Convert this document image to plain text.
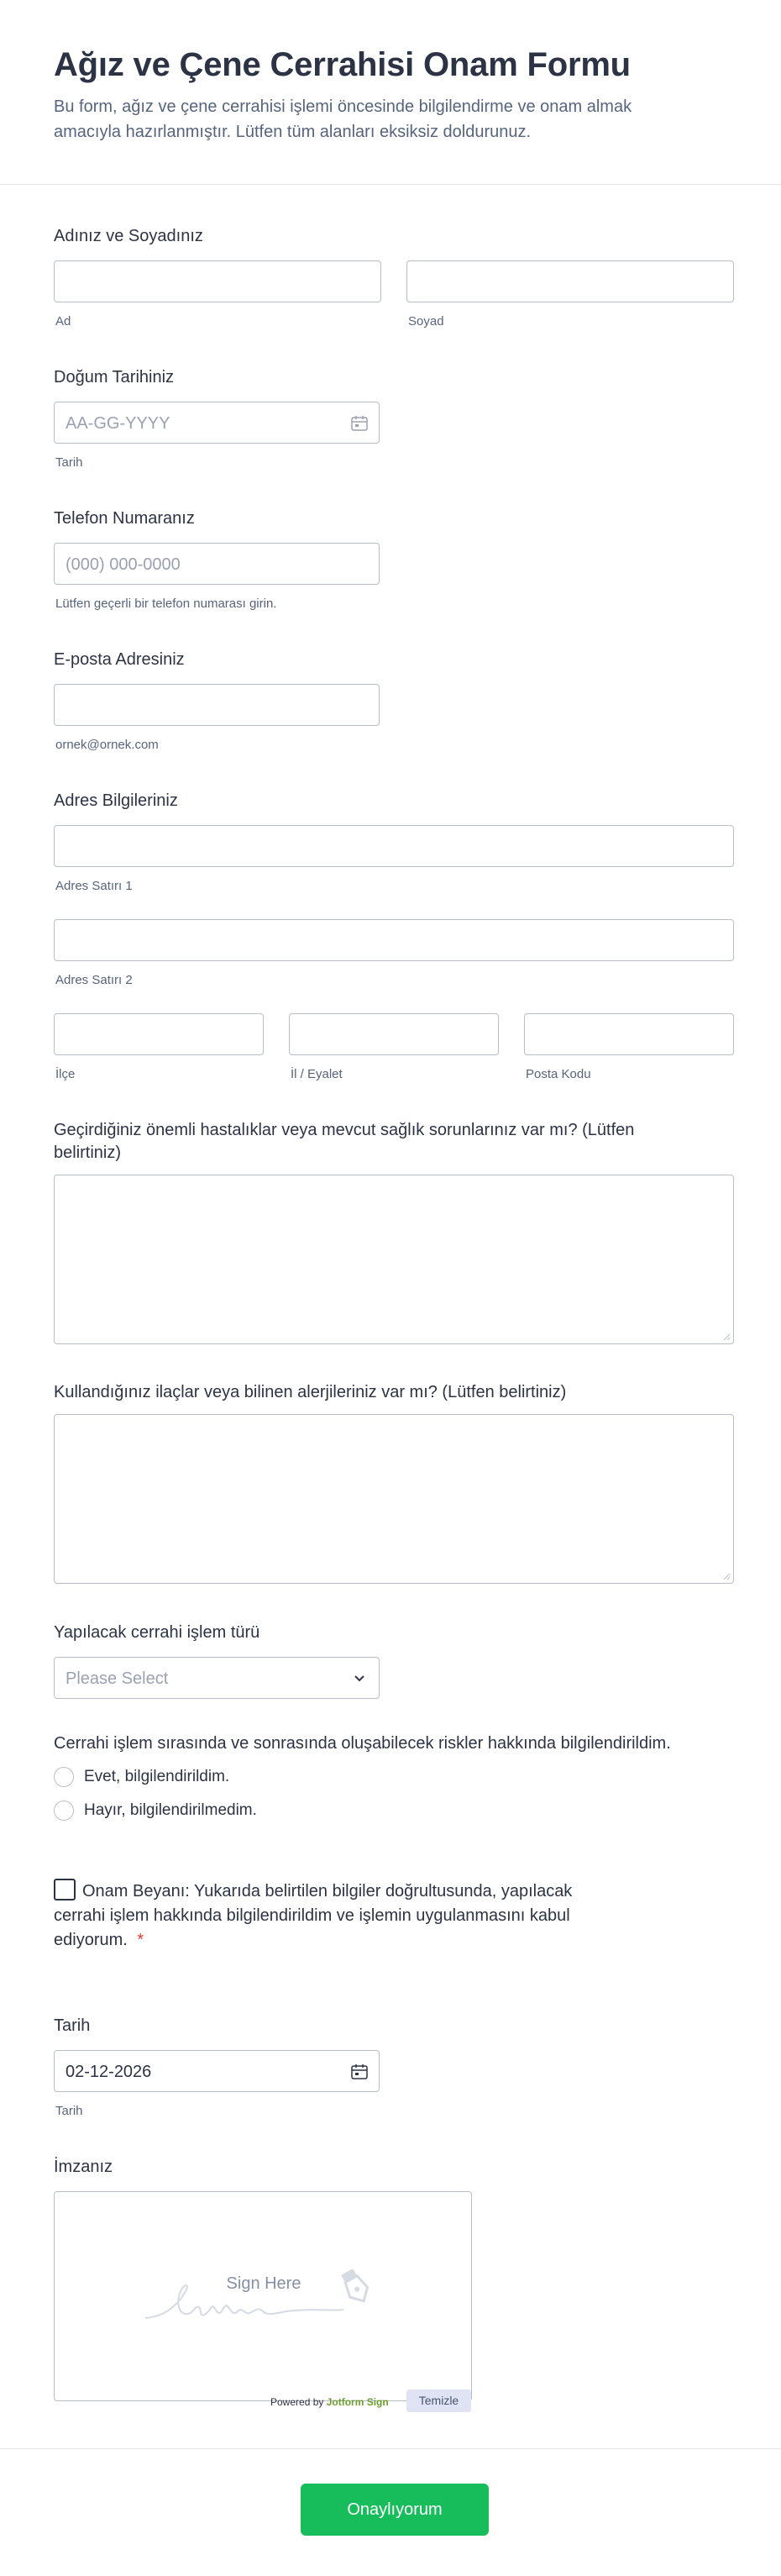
Ağız ve Çene Cerrahisi Onam Formu

Bu form, ağız ve çene cerrahisi işlemi öncesinde bilgilendirme ve onam almak amacıyla hazırlanmıştır. Lütfen tüm alanları eksiksiz doldurunuz.

Adınız ve Soyadınız
Ad	Soyad
Doğum Tarihiniz
AA-GG-YYYY
Tarih
Telefon Numaranız
(000) 000-0000
Lütfen geçerli bir telefon numarası girin.
E-posta Adresiniz
ornek@ornek.com
Adres Bilgileriniz
Adres Satırı 1
Adres Satırı 2
İlçe	İl / Eyalet	Posta Kodu
Geçirdiğiniz önemli hastalıklar veya mevcut sağlık sorunlarınız var mı? (Lütfen belirtiniz)
Kullandığınız ilaçlar veya bilinen alerjileriniz var mı? (Lütfen belirtiniz)
Yapılacak cerrahi işlem türü
Please Select
Cerrahi işlem sırasında ve sonrasında oluşabilecek riskler hakkında bilgilendirildim.
Evet, bilgilendirildim.
Hayır, bilgilendirilmedim.
Onam Beyanı: Yukarıda belirtilen bilgiler doğrultusunda, yapılacak cerrahi işlem hakkında bilgilendirildim ve işlemin uygulanmasını kabul ediyorum. *
Tarih
02-12-2026
Tarih
İmzanız
Sign Here
Powered by Jotform Sign	Temizle
Onaylıyorum
